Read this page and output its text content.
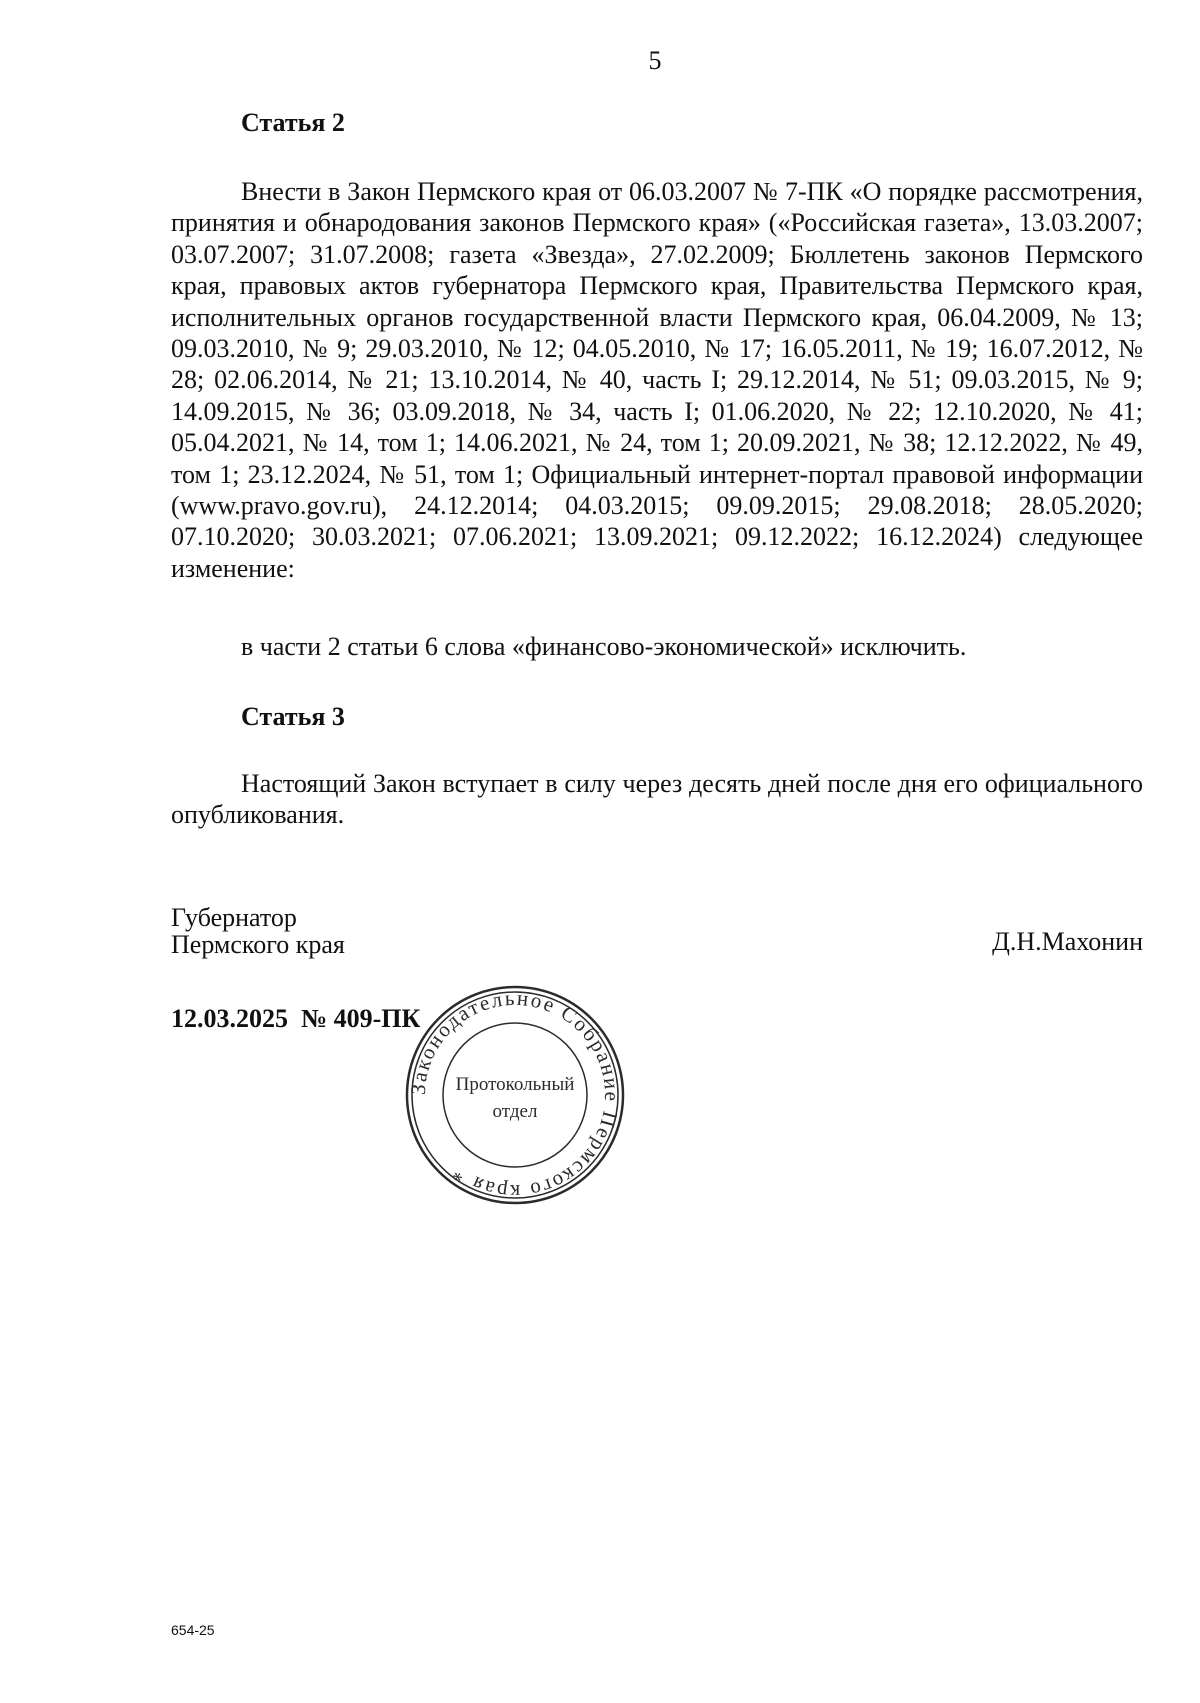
5
Статья 2

Внести в Закон Пермского края от 06.03.2007 № 7-ПК «О порядке рассмотрения, принятия и обнародования законов Пермского края» («Российская газета», 13.03.2007; 03.07.2007; 31.07.2008; газета «Звезда», 27.02.2009; Бюллетень законов Пермского края, правовых актов губернатора Пермского края, Правительства Пермского края, исполнительных органов государственной власти Пермского края, 06.04.2009, № 13; 09.03.2010, № 9; 29.03.2010, № 12; 04.05.2010, № 17; 16.05.2011, № 19; 16.07.2012, № 28; 02.06.2014, № 21; 13.10.2014, № 40, часть I; 29.12.2014, № 51; 09.03.2015, № 9; 14.09.2015, № 36; 03.09.2018, № 34, часть I; 01.06.2020, № 22; 12.10.2020, № 41; 05.04.2021, № 14, том 1; 14.06.2021, № 24, том 1; 20.09.2021, № 38; 12.12.2022, № 49, том 1; 23.12.2024, № 51, том 1; Официальный интернет-портал правовой информации (www.pravo.gov.ru), 24.12.2014; 04.03.2015; 09.09.2015; 29.08.2018; 28.05.2020; 07.10.2020; 30.03.2021; 07.06.2021; 13.09.2021; 09.12.2022; 16.12.2024) следующее изменение:

в части 2 статьи 6 слова «финансово-экономической» исключить.

Статья 3

Настоящий Закон вступает в силу через десять дней после дня его официального опубликования.

Губернатор
Пермского края	Д.Н.Махонин
12.03.2025  № 409-ПК
Законодательное Собрание Пермского края *
Протокольный
отдел
654-25
